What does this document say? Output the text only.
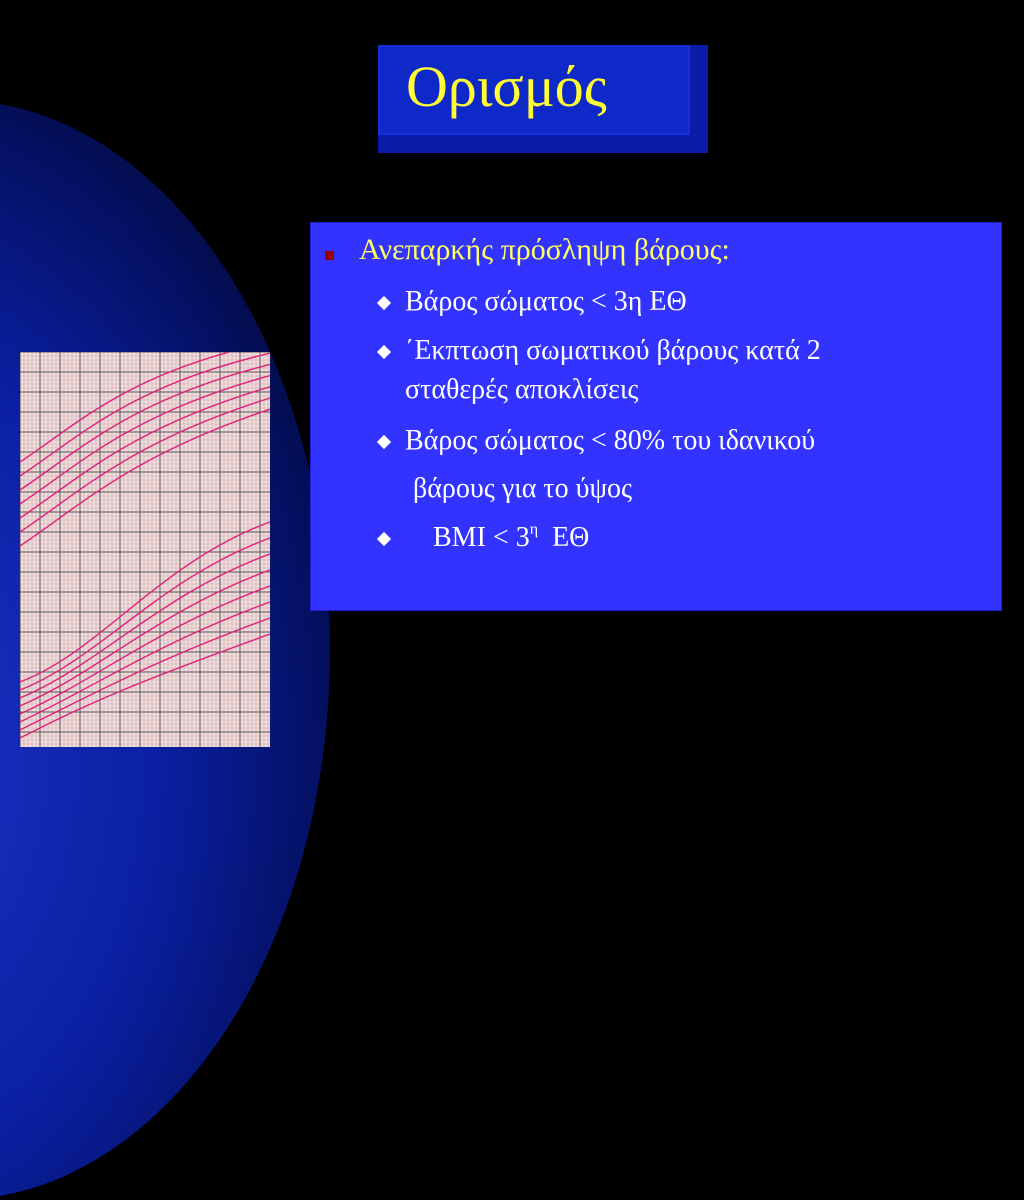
Ορισμός
Ανεπαρκής πρόσληψη βάρους:
Βάρος σώματος < 3η ΕΘ
΄Εκπτωση σωματικού βάρους κατά 2
σταθερές αποκλίσεις
Βάρος σώματος < 80% του ιδανικού
βάρους για το ύψος
BMI < $3^\eta$ ΕΘ
